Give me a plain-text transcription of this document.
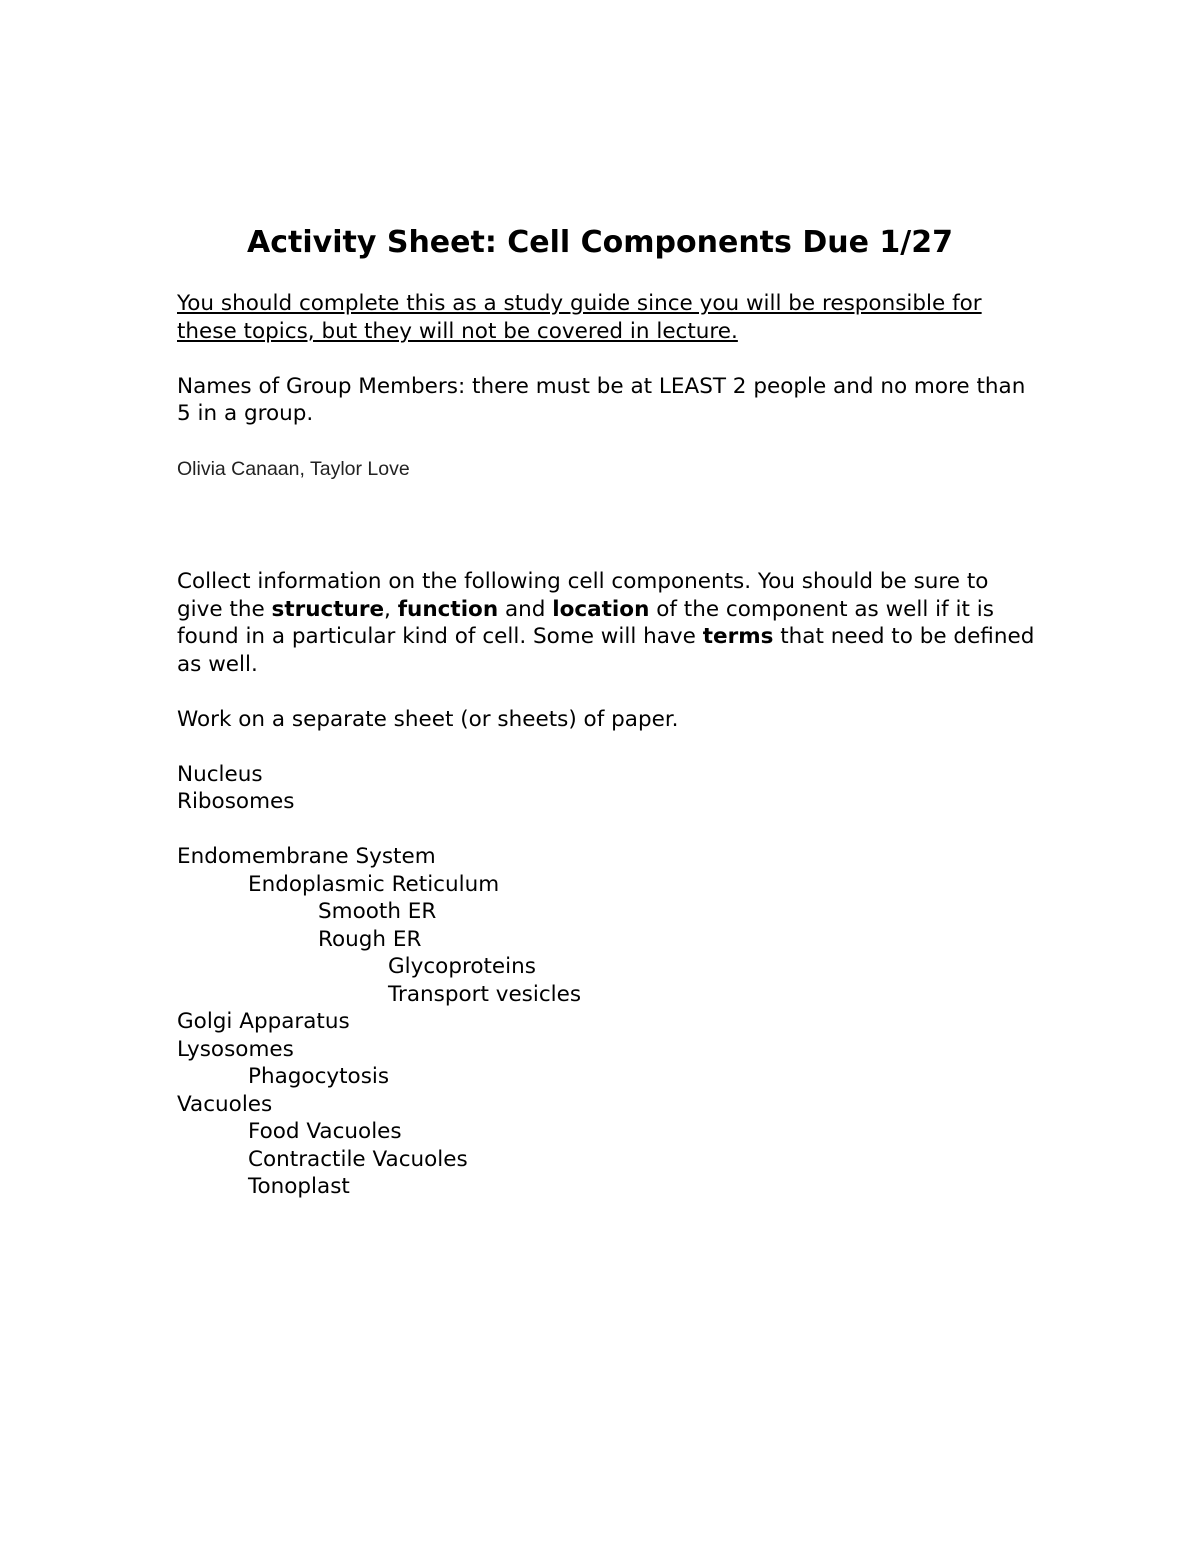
Activity Sheet: Cell Components Due 1/27

You should complete this as a study guide since you will be responsible for these topics, but they will not be covered in lecture.

Names of Group Members: there must be at LEAST 2 people and no more than 5 in a group.

Olivia Canaan, Taylor Love

Collect information on the following cell components. You should be sure to give the structure, function and location of the component as well if it is found in a particular kind of cell. Some will have terms that need to be defined as well.

Work on a separate sheet (or sheets) of paper.

Nucleus
Ribosomes
Endomembrane System
Endoplasmic Reticulum
Smooth ER
Rough ER
Glycoproteins
Transport vesicles
Golgi Apparatus
Lysosomes
Phagocytosis
Vacuoles
Food Vacuoles
Contractile Vacuoles
Tonoplast
